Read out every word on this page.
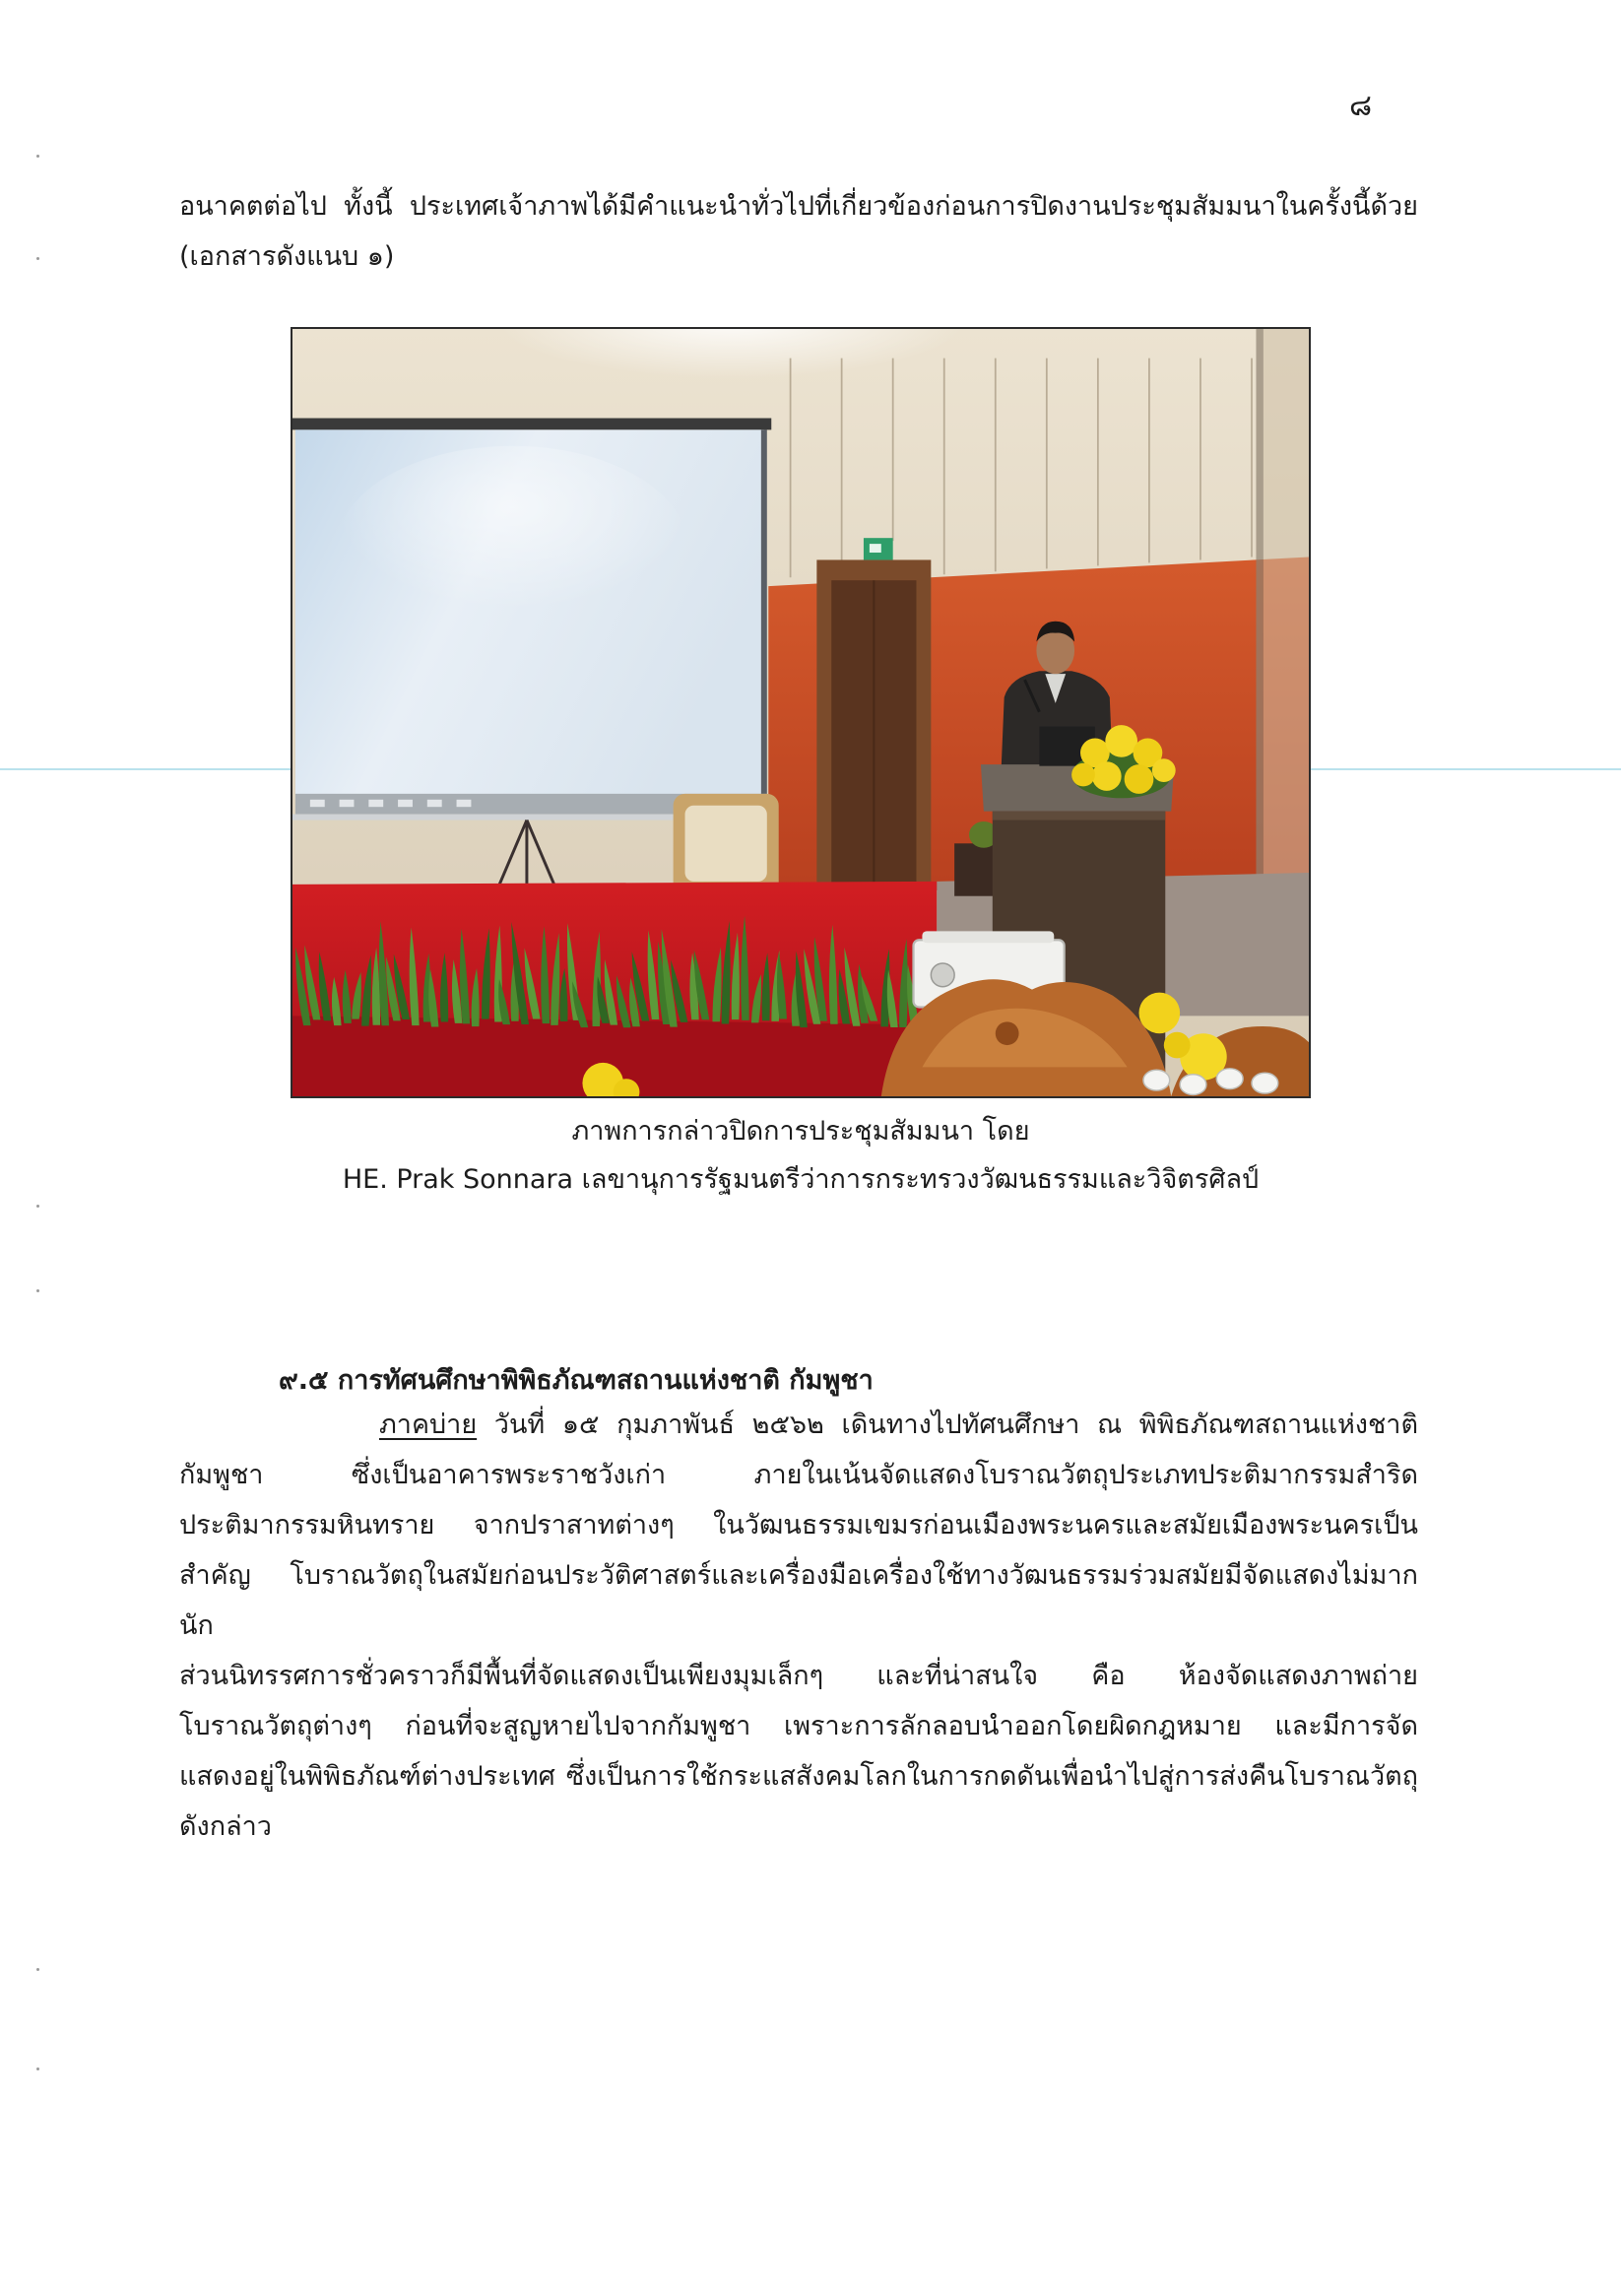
๘
อนาคตต่อไป ทั้งนี้ ประเทศเจ้าภาพได้มีคำแนะนำทั่วไปที่เกี่ยวข้องก่อนการปิดงานประชุมสัมมนาในครั้งนี้ด้วย
(เอกสารดังแนบ ๑)
ภาพการกล่าวปิดการประชุมสัมมนา โดย
HE. Prak Sonnara เลขานุการรัฐมนตรีว่าการกระทรวงวัฒนธรรมและวิจิตรศิลป์
๙.๕ การทัศนศึกษาพิพิธภัณฑสถานแห่งชาติ กัมพูชา
ภาคบ่าย วันที่ ๑๕ กุมภาพันธ์ ๒๕๖๒ เดินทางไปทัศนศึกษา ณ พิพิธภัณฑสถานแห่งชาติ
กัมพูชา ซึ่งเป็นอาคารพระราชวังเก่า ภายในเน้นจัดแสดงโบราณวัตถุประเภทประติมากรรมสำริด
ประติมากรรมหินทราย จากปราสาทต่างๆ ในวัฒนธรรมเขมรก่อนเมืองพระนครและสมัยเมืองพระนครเป็น
สำคัญ โบราณวัตถุในสมัยก่อนประวัติศาสตร์และเครื่องมือเครื่องใช้ทางวัฒนธรรมร่วมสมัยมีจัดแสดงไม่มากนัก
ส่วนนิทรรศการชั่วคราวก็มีพื้นที่จัดแสดงเป็นเพียงมุมเล็กๆ และที่น่าสนใจ คือ ห้องจัดแสดงภาพถ่าย
โบราณวัตถุต่างๆ ก่อนที่จะสูญหายไปจากกัมพูชา เพราะการลักลอบนำออกโดยผิดกฎหมาย และมีการจัด
แสดงอยู่ในพิพิธภัณฑ์ต่างประเทศ ซึ่งเป็นการใช้กระแสสังคมโลกในการกดดันเพื่อนำไปสู่การส่งคืนโบราณวัตถุ
ดังกล่าว
